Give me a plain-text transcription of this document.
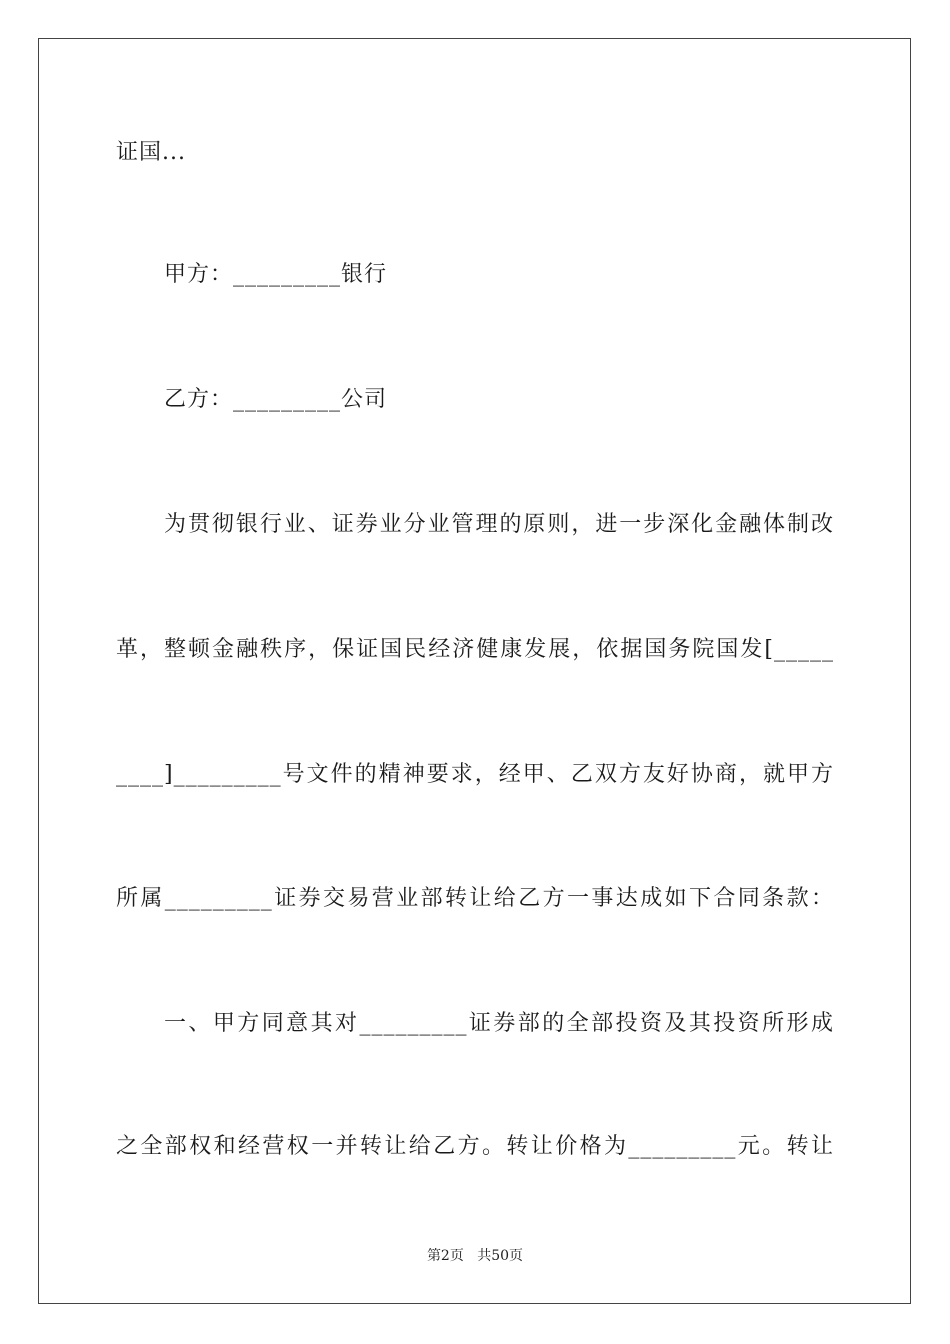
证国...
甲方：_________银行
乙方：_________公司
为贯彻银行业、证券业分业管理的原则，进一步深化金融体制改
革，整顿金融秩序，保证国民经济健康发展，依据国务院国发[_____
____]_________号文件的精神要求，经甲、乙双方友好协商，就甲方
所属_________证券交易营业部转让给乙方一事达成如下合同条款：
一、甲方同意其对_________证券部的全部投资及其投资所形成
之全部权和经营权一并转让给乙方。转让价格为_________元。转让
第2页 共50页
